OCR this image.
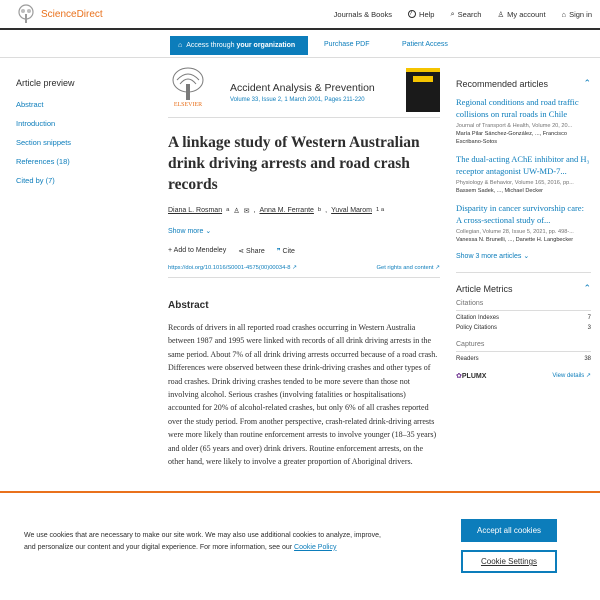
ScienceDirect	Journals & Books	? Help ⌕ Search ♙ My account ⌂ Sign in
⌂ Access through your organization	Purchase PDF	Patient Access
Article preview
Abstract
Introduction
Section snippets
References (18)
Cited by (7)
ELSEVIER
Accident Analysis & Prevention
Volume 33, Issue 2, 1 March 2001, Pages 211-220
A linkage study of Western Australian drink driving arrests and road crash records
Diana L. Rosman a ♙ ✉ , Anna M. Ferrante b , Yuval Marom 1 a
Show more ⌄
+ Add to Mendeley ⋖ Share ❞ Cite
https://doi.org/10.1016/S0001-4575(00)00034-8 ↗	Get rights and content ↗
Abstract

Records of drivers in all reported road crashes occurring in Western Australia between 1987 and 1995 were linked with records of all drink driving arrests in the same period. About 7% of all drink driving arrests occurred because of a road crash. Differences were observed between these drink-driving crashes and other types of road crashes. Drink driving crashes tended to be more severe than those not involving alcohol. Serious crashes (involving fatalities or hospitalisations) accounted for 20% of alcohol-related crashes, but only 6% of all crashes reported over the study period. From another perspective, crash-related drink-driving arrests were more likely than routine enforcement arrests to involve younger (18–35 years) and older (65 years and over) drink drivers. Routine enforcement arrests, on the other hand, were likely to involve a greater proportion of Aboriginal drivers.

Recommended articles	⌃
Regional conditions and road traffic collisions on rural roads in Chile
Journal of Transport & Health, Volume 20, 20...
María Pilar Sánchez-González, ..., Francisco Escribano-Sotos
The dual-acting AChE inhibitor and H₃ receptor antagonist UW-MD-7...
Physiology & Behavior, Volume 165, 2016, pp...
Bassem Sadek, ..., Michael Decker
Disparity in cancer survivorship care: A cross-sectional study of...
Collegian, Volume 28, Issue 5, 2021, pp. 498-...
Vanessa N. Brunelli, ..., Danette H. Langbecker
Show 3 more articles ⌄
Article Metrics	⌃
Citations
Citation Indexes	7
Policy Citations	3
Captures
Readers	38
✿PLUMX	View details ↗

We use cookies that are necessary to make our site work. We may also use additional cookies to analyze, improve, and personalize our content and your digital experience. For more information, see our Cookie Policy

Accept all cookies
Cookie Settings
